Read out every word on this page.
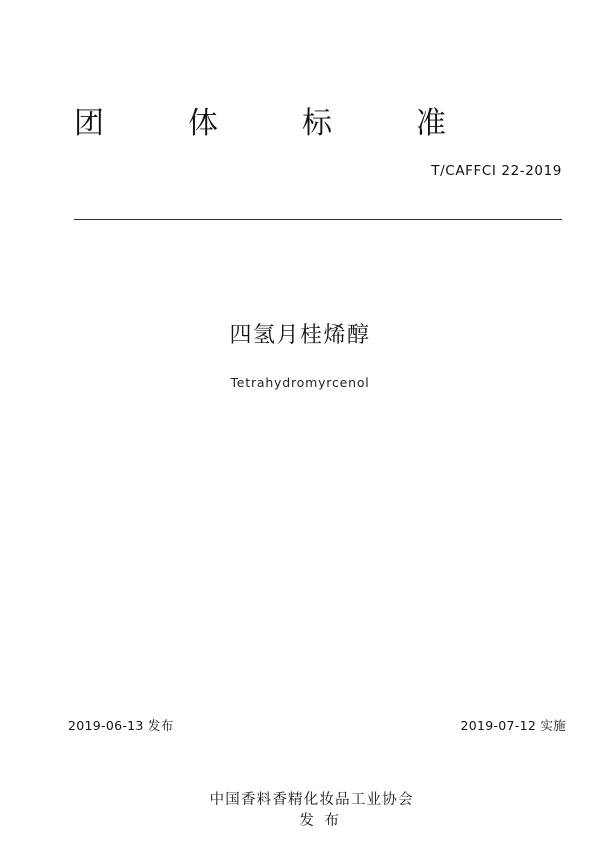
团	体	标	准
T/CAFFCI 22-2019
四氢月桂烯醇
Tetrahydromyrcenol
2019-06-13 发布	2019-07-12 实施

中国香料香精化妆品工业协会
发 布
